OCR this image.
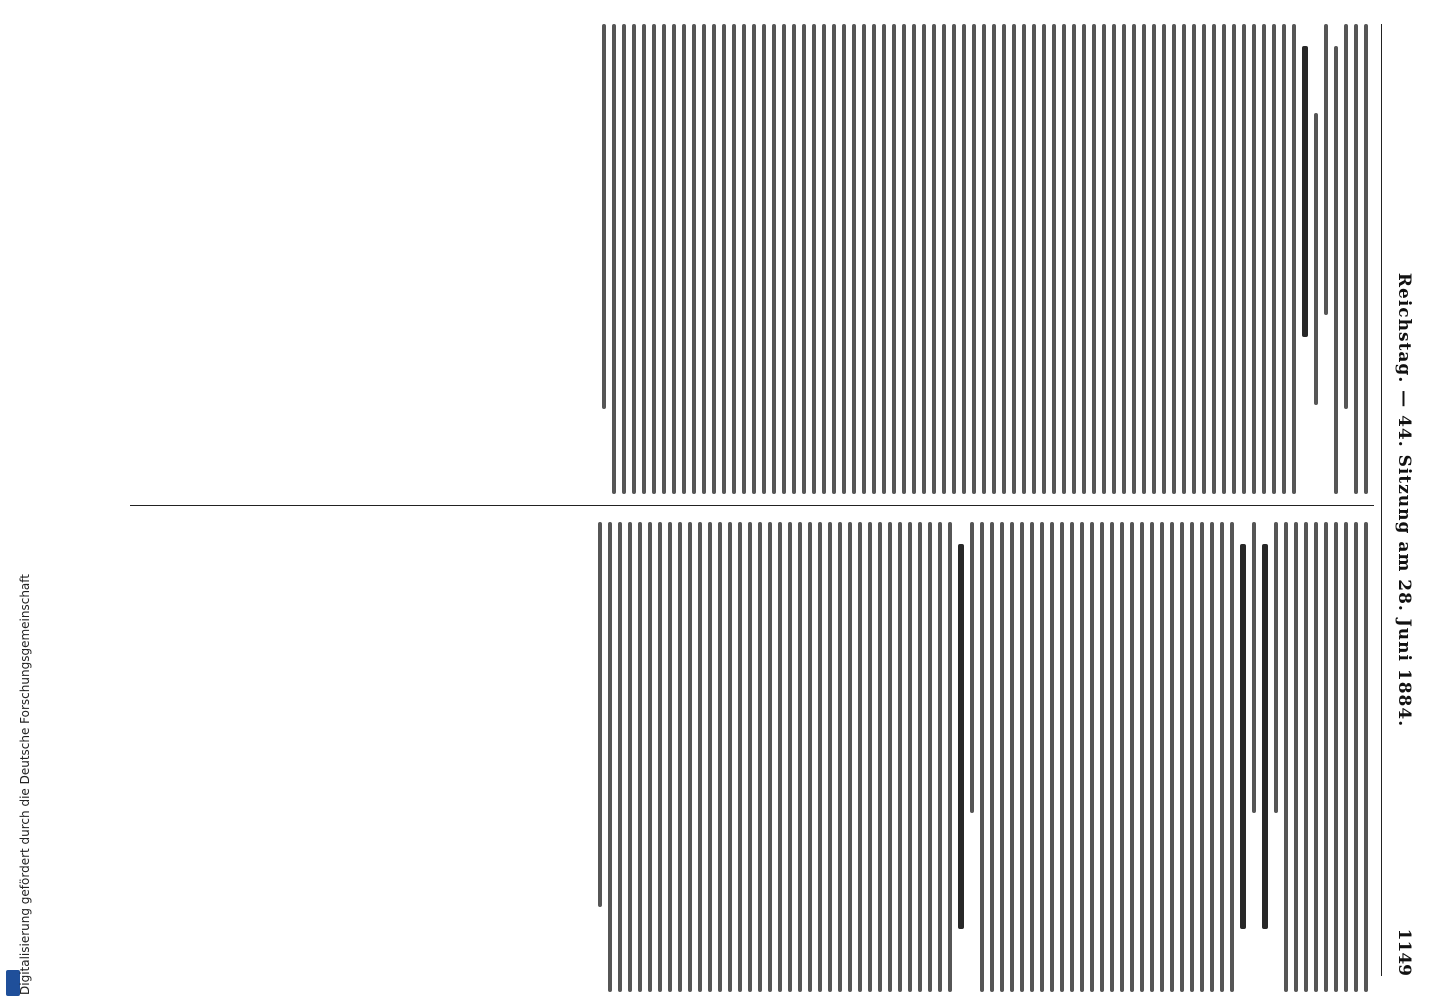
Digitalisierung gefördert durch die Deutsche Forschungsgemeinschaft
Reichstag. — 44. Sitzung am 28. Juni 1884.
1149
